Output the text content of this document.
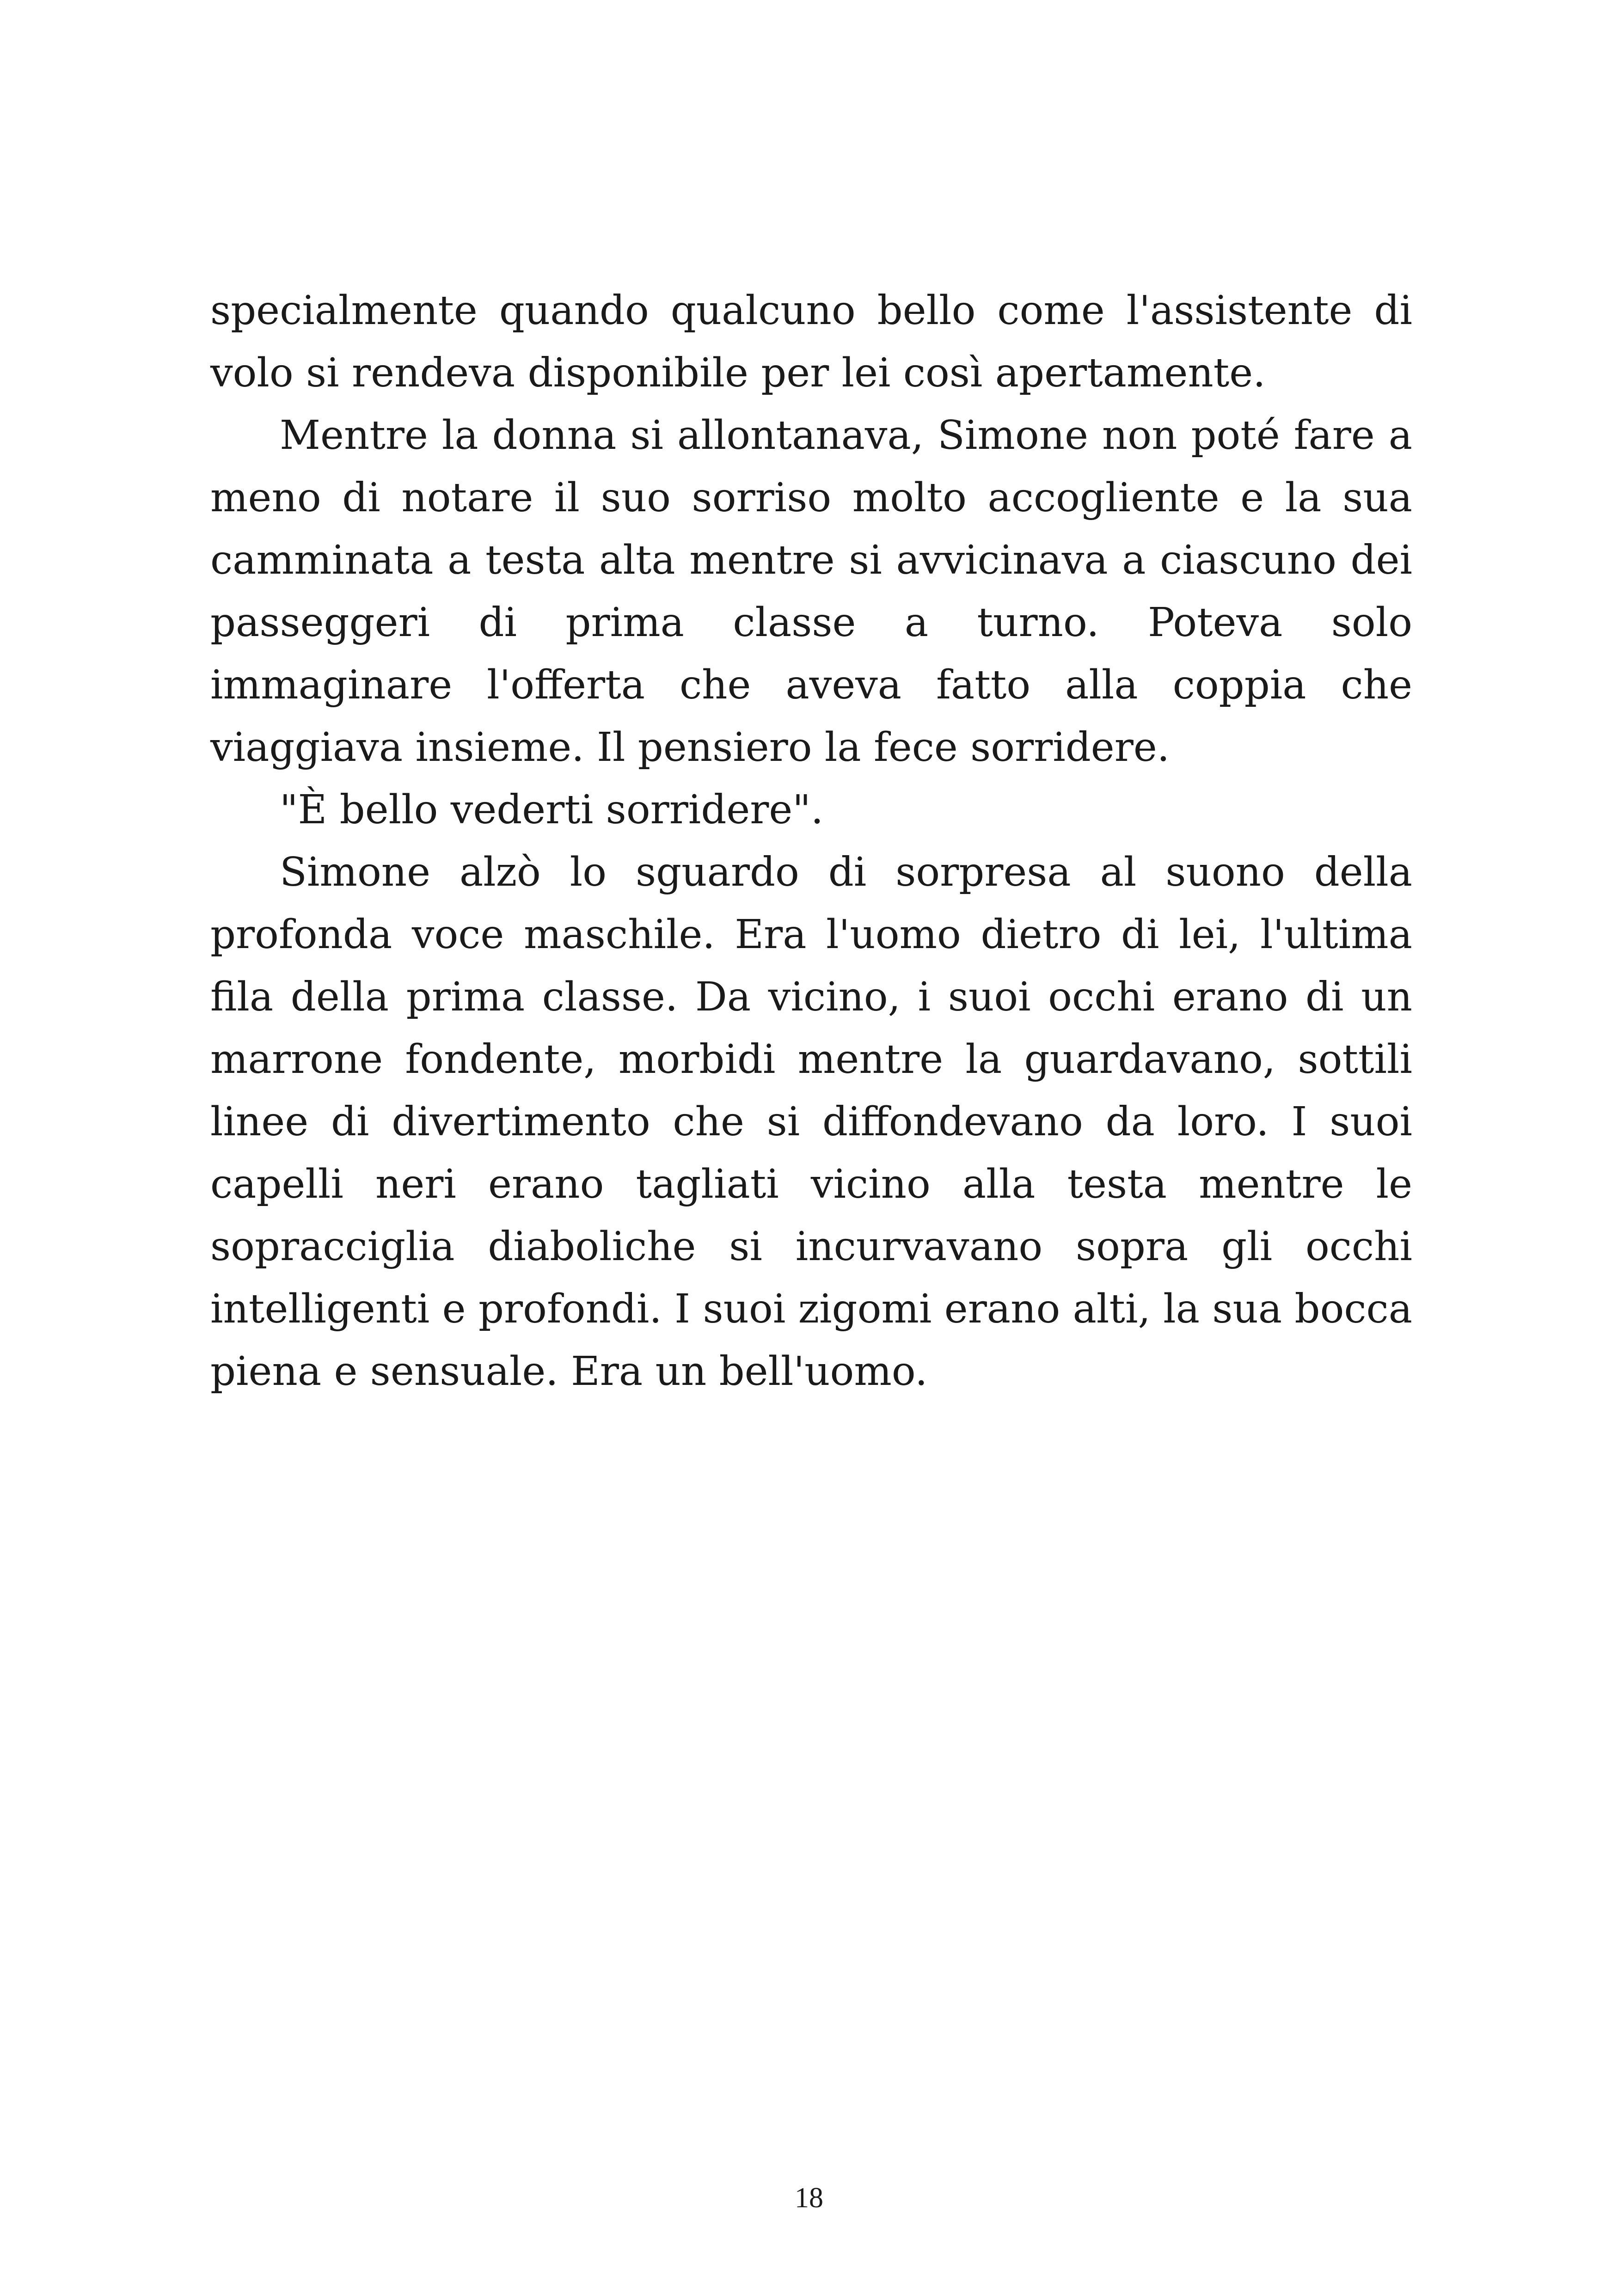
specialmente quando qualcuno bello come l'assistente di volo si rendeva disponibile per lei così apertamente.

Mentre la donna si allontanava, Simone non poté fare a meno di notare il suo sorriso molto accogliente e la sua camminata a testa alta mentre si avvicinava a ciascuno dei passeggeri di prima classe a turno. Poteva solo immaginare l'offerta che aveva fatto alla coppia che viaggiava insieme. Il pensiero la fece sorridere.

"È bello vederti sorridere".

Simone alzò lo sguardo di sorpresa al suono della profonda voce maschile. Era l'uomo dietro di lei, l'ultima fila della prima classe. Da vicino, i suoi occhi erano di un marrone fondente, morbidi mentre la guardavano, sottili linee di divertimento che si diffondevano da loro. I suoi capelli neri erano tagliati vicino alla testa mentre le sopracciglia diaboliche si incurvavano sopra gli occhi intelligenti e profondi. I suoi zigomi erano alti, la sua bocca piena e sensuale. Era un bell'uomo.

18
